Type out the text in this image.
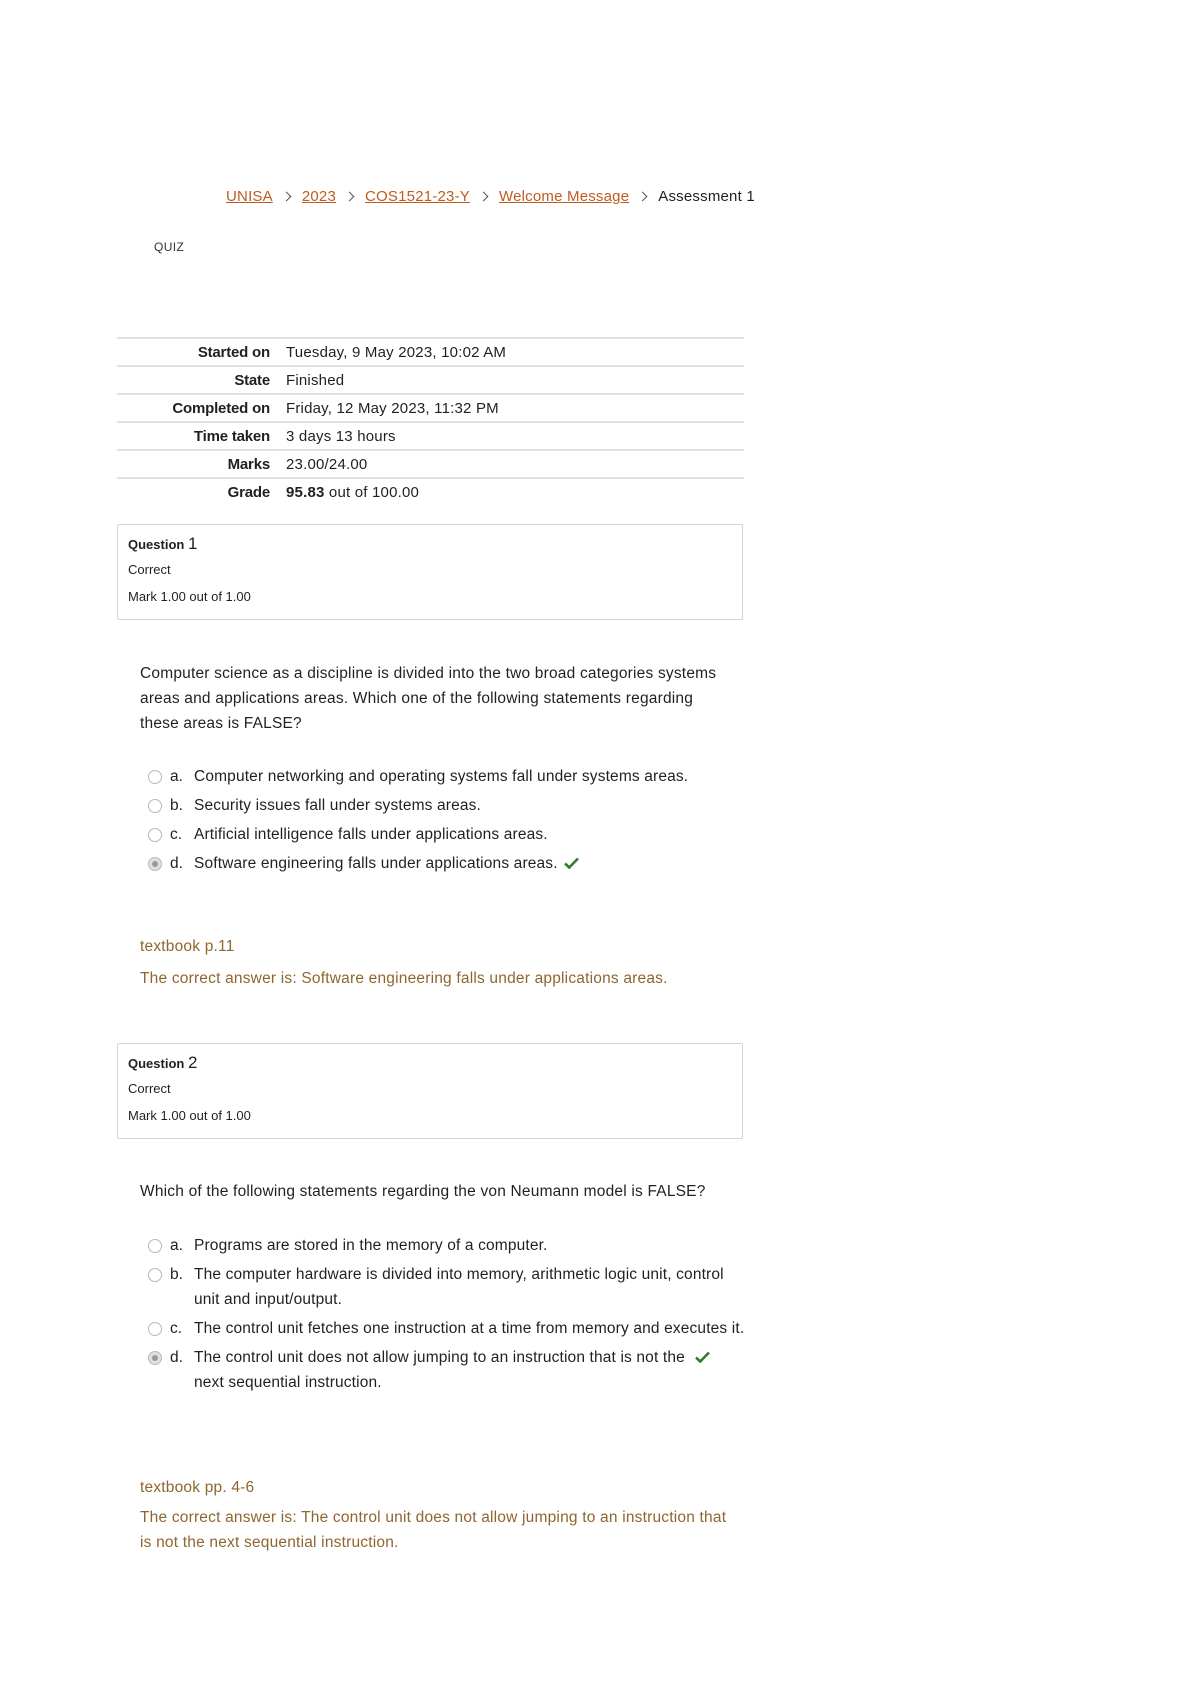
UNISA 2023 COS1521-23-Y Welcome Message Assessment 1
QUIZ
Started on	Tuesday, 9 May 2023, 10:02 AM
State	Finished
Completed on	Friday, 12 May 2023, 11:32 PM
Time taken	3 days 13 hours
Marks	23.00/24.00
Grade	95.83 out of 100.00
Question 1
Correct
Mark 1.00 out of 1.00
Computer science as a discipline is divided into the two broad categories systems areas and applications areas. Which one of the following statements regarding these areas is FALSE?
a. Computer networking and operating systems fall under systems areas.
b. Security issues fall under systems areas.
c. Artificial intelligence falls under applications areas.
d. Software engineering falls under applications areas.
textbook p.11
The correct answer is: Software engineering falls under applications areas.
Question 2
Correct
Mark 1.00 out of 1.00
Which of the following statements regarding the von Neumann model is FALSE?
a. Programs are stored in the memory of a computer.
b. The computer hardware is divided into memory, arithmetic logic unit, control unit and input/output.
c. The control unit fetches one instruction at a time from memory and executes it.
d. The control unit does not allow jumping to an instruction that is not the next sequential instruction.
textbook pp. 4-6
The correct answer is: The control unit does not allow jumping to an instruction that is not the next sequential instruction.
